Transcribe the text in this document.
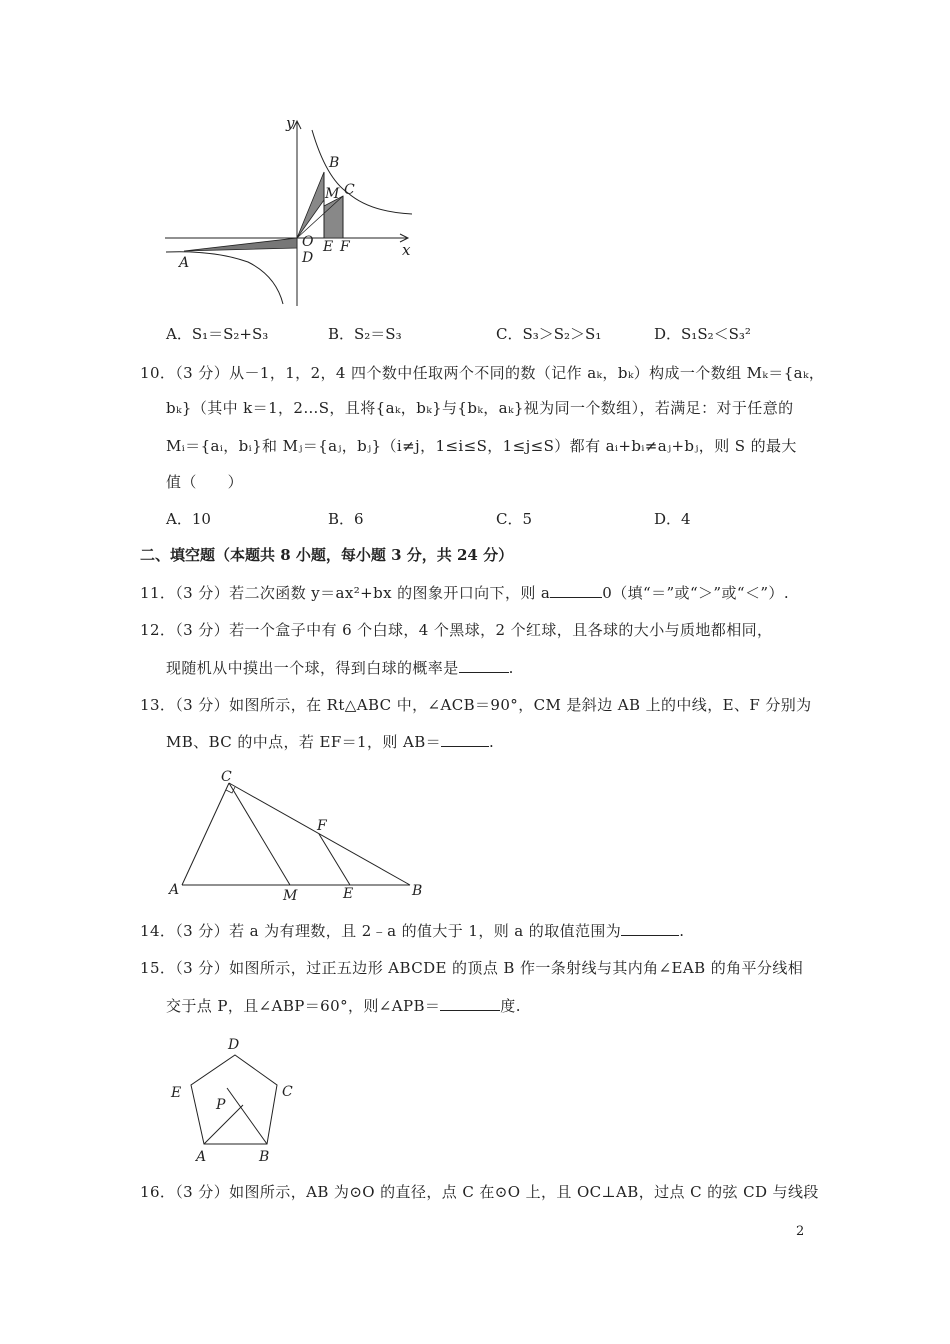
y
x
B
M C
O
D
E F
A
A．S₁＝S₂+S₃	B．S₂＝S₃	C．S₃＞S₂＞S₁	D．S₁S₂＜S₃²
10．（3 分）从－1，1，2，4 四个数中任取两个不同的数（记作 aₖ，bₖ）构成一个数组 Mₖ＝{aₖ，
bₖ}（其中 k＝1，2…S，且将{aₖ，bₖ}与{bₖ，aₖ}视为同一个数组），若满足：对于任意的
Mᵢ＝{aᵢ，bᵢ}和 Mⱼ＝{aⱼ，bⱼ}（i≠j，1≤i≤S，1≤j≤S）都有 aᵢ+bᵢ≠aⱼ+bⱼ，则 S 的最大
值（　　）
A．10	B．6	C．5	D．4
二、填空题（本题共 8 小题，每小题 3 分，共 24 分）
11．（3 分）若二次函数 y＝ax²+bx 的图象开口向下，则 a	0（填“＝”或“＞”或“＜”）.
12．（3 分）若一个盒子中有 6 个白球，4 个黑球，2 个红球，且各球的大小与质地都相同，
现随机从中摸出一个球，得到白球的概率是	.
13．（3 分）如图所示，在 Rt△ABC 中，∠ACB＝90°，CM 是斜边 AB 上的中线，E、F 分别为
MB、BC 的中点，若 EF＝1，则 AB＝	.
C
F
A	M	E	B
14．（3 分）若 a 为有理数，且 2﹣a 的值大于 1，则 a 的取值范围为	.
15．（3 分）如图所示，过正五边形 ABCDE 的顶点 B 作一条射线与其内角∠EAB 的角平分线相
交于点 P，且∠ABP＝60°，则∠APB＝	度.
D
E	C
P
A	B
16．（3 分）如图所示，AB 为⊙O 的直径，点 C 在⊙O 上，且 OC⊥AB，过点 C 的弦 CD 与线段
2
